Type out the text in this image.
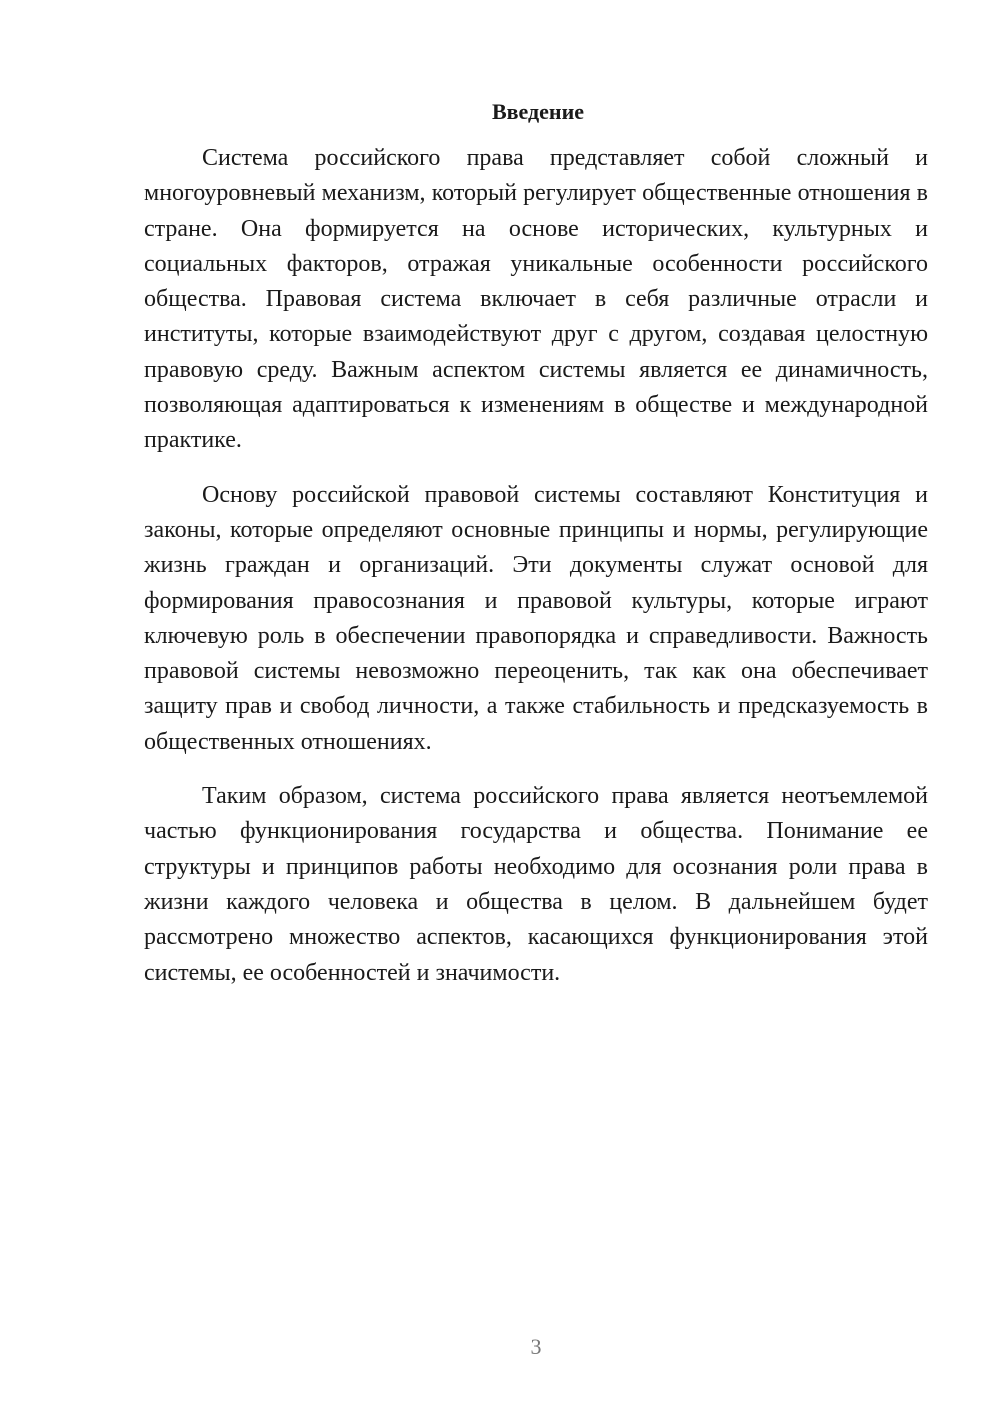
Введение

Система российского права представляет собой сложный и многоуровневый механизм, который регулирует общественные отношения в стране. Она формируется на основе исторических, культурных и социальных факторов, отражая уникальные особенности российского общества. Правовая система включает в себя различные отрасли и институты, которые взаимодействуют друг с другом, создавая целостную правовую среду. Важным аспектом системы является ее динамичность, позволяющая адаптироваться к изменениям в обществе и международной практике.

Основу российской правовой системы составляют Конституция и законы, которые определяют основные принципы и нормы, регулирующие жизнь граждан и организаций. Эти документы служат основой для формирования правосознания и правовой культуры, которые играют ключевую роль в обеспечении правопорядка и справедливости. Важность правовой системы невозможно переоценить, так как она обеспечивает защиту прав и свобод личности, а также стабильность и предсказуемость в общественных отношениях.

Таким образом, система российского права является неотъемлемой частью функционирования государства и общества. Понимание ее структуры и принципов работы необходимо для осознания роли права в жизни каждого человека и общества в целом. В дальнейшем будет рассмотрено множество аспектов, касающихся функционирования этой системы, ее особенностей и значимости.

3
